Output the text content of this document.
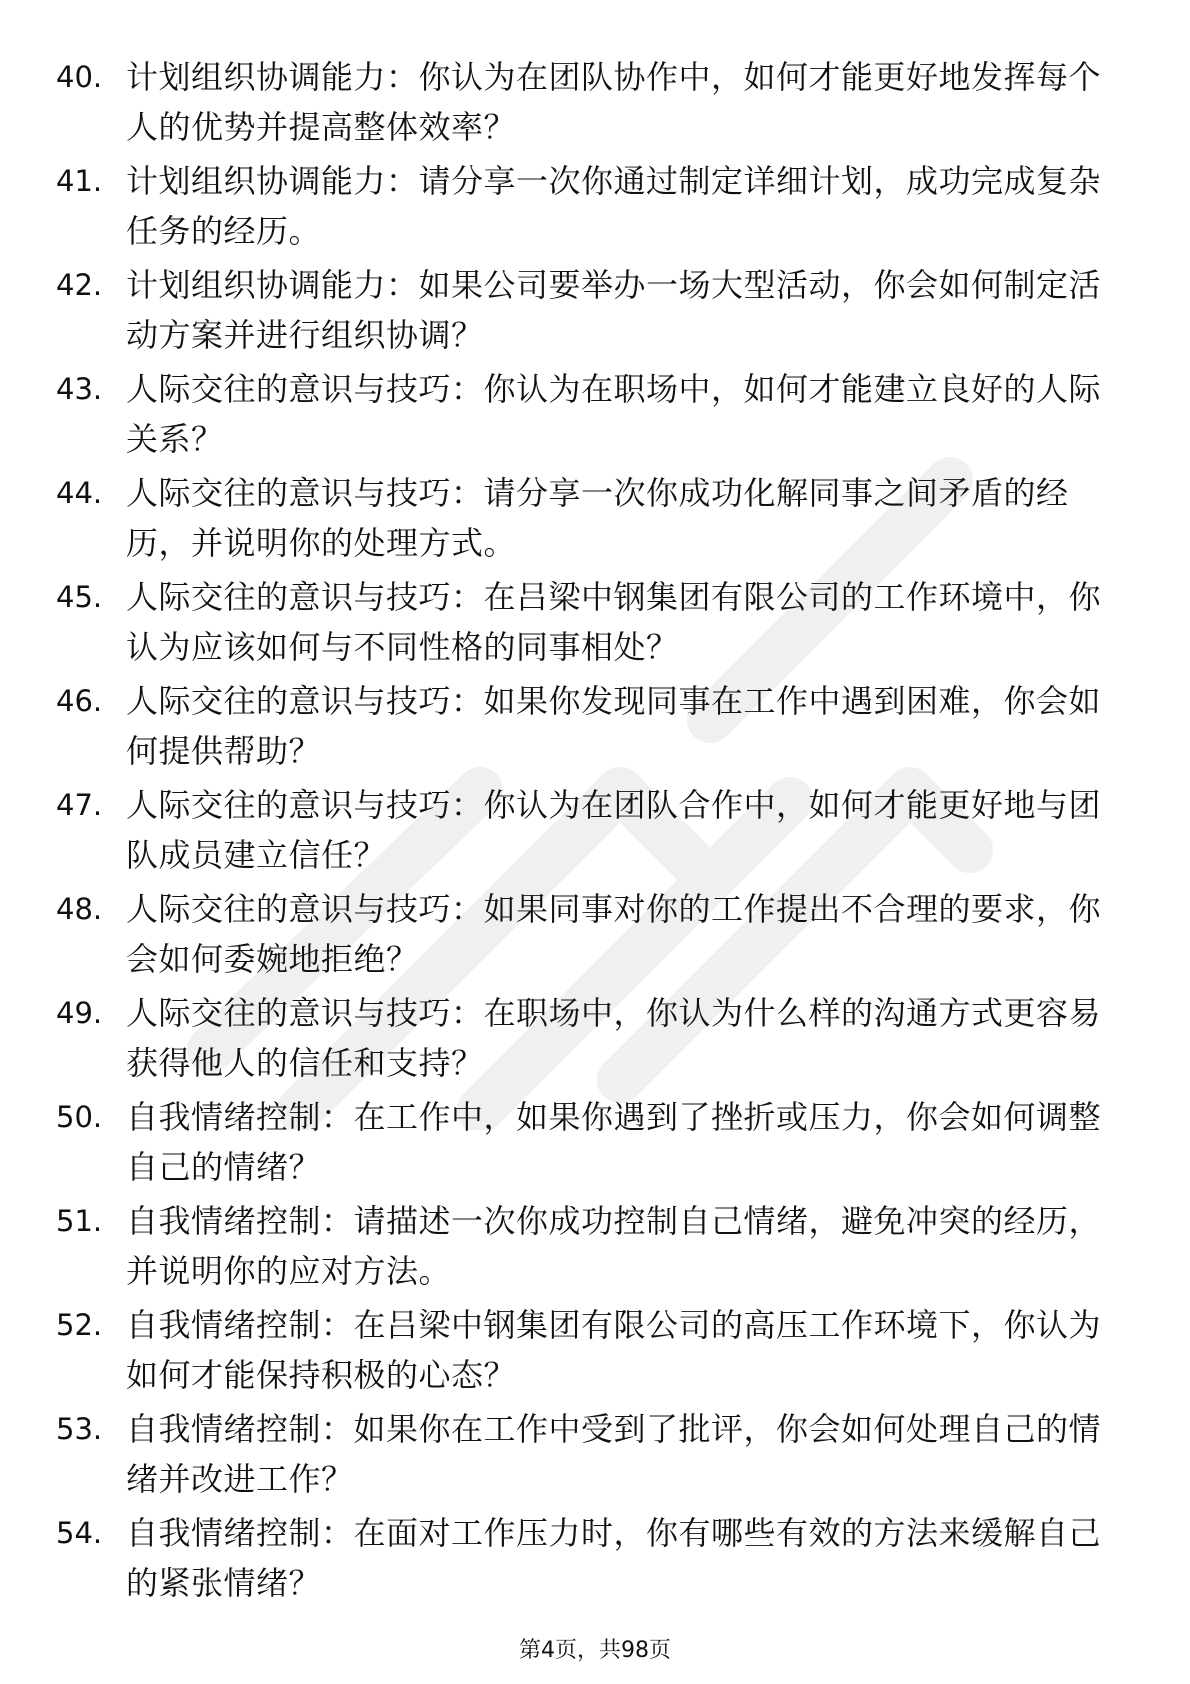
40. 计划组织协调能力：你认为在团队协作中，如何才能更好地发挥每个人的优势并提高整体效率？
41. 计划组织协调能力：请分享一次你通过制定详细计划，成功完成复杂任务的经历。
42. 计划组织协调能力：如果公司要举办一场大型活动，你会如何制定活动方案并进行组织协调？
43. 人际交往的意识与技巧：你认为在职场中，如何才能建立良好的人际关系？
44. 人际交往的意识与技巧：请分享一次你成功化解同事之间矛盾的经历，并说明你的处理方式。
45. 人际交往的意识与技巧：在吕梁中钢集团有限公司的工作环境中，你认为应该如何与不同性格的同事相处？
46. 人际交往的意识与技巧：如果你发现同事在工作中遇到困难，你会如何提供帮助？
47. 人际交往的意识与技巧：你认为在团队合作中，如何才能更好地与团队成员建立信任？
48. 人际交往的意识与技巧：如果同事对你的工作提出不合理的要求，你会如何委婉地拒绝？
49. 人际交往的意识与技巧：在职场中，你认为什么样的沟通方式更容易获得他人的信任和支持？
50. 自我情绪控制：在工作中，如果你遇到了挫折或压力，你会如何调整自己的情绪？
51. 自我情绪控制：请描述一次你成功控制自己情绪，避免冲突的经历，并说明你的应对方法。
52. 自我情绪控制：在吕梁中钢集团有限公司的高压工作环境下，你认为如何才能保持积极的心态？
53. 自我情绪控制：如果你在工作中受到了批评，你会如何处理自己的情绪并改进工作？
54. 自我情绪控制：在面对工作压力时，你有哪些有效的方法来缓解自己的紧张情绪？
第4页，共98页
